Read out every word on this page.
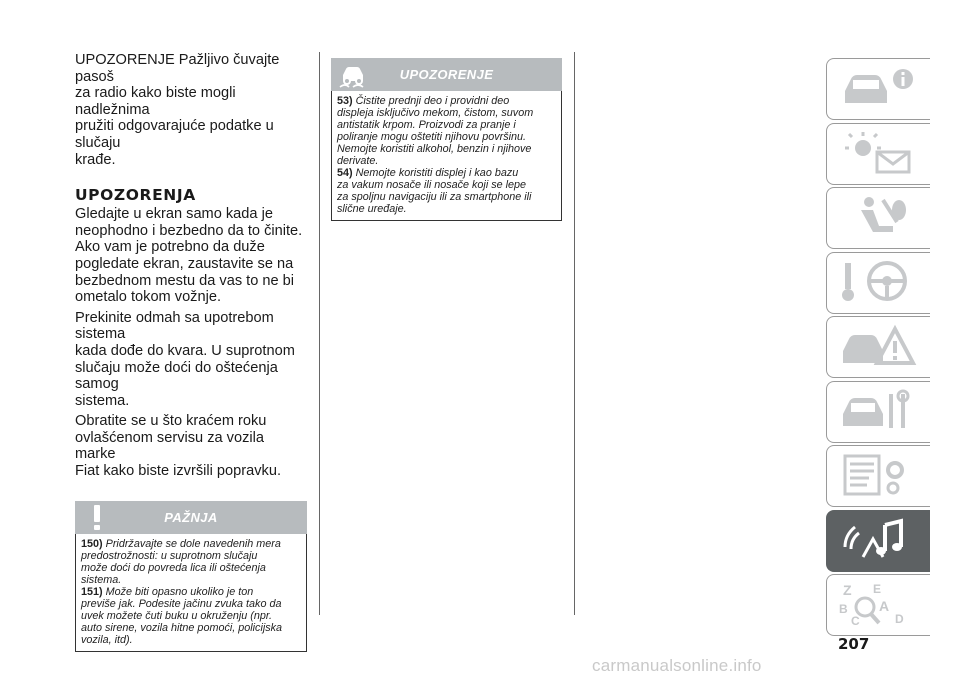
UPOZORENJE Pažljivo čuvajte pasoš
za radio kako biste mogli nadležnima
pružiti odgovarajuće podatke u slučaju
krađe.

UPOZORENJA

Gledajte u ekran samo kada je
neophodno i bezbedno da to činite.
Ako vam je potrebno da duže
pogledate ekran, zaustavite se na
bezbednom mestu da vas to ne bi
ometalo tokom vožnje.

Prekinite odmah sa upotrebom sistema
kada dođe do kvara. U suprotnom
slučaju može doći do oštećenja samog
sistema.

Obratite se u što kraćem roku
ovlašćenom servisu za vozila marke
Fiat kako biste izvršili popravku.

PAŽNJA

150) Pridržavajte se dole navedenih mera
predostrožnosti: u suprotnom slučaju
može doći do povreda lica ili oštećenja
sistema.

151) Može biti opasno ukoliko je ton
previše jak. Podesite jačinu zvuka tako da
uvek možete čuti buku u okruženju (npr.
auto sirene, vozila hitne pomoći, policijska
vozila, itd).

UPOZORENJE

53) Čistite prednji deo i providni deo
displeja isključivo mekom, čistom, suvom
antistatik krpom. Proizvodi za pranje i
poliranje mogu oštetiti njihovu površinu.
Nemojte koristiti alkohol, benzin i njihove
derivate.

54) Nemojte koristiti displej i kao bazu
za vakum nosače ili nosače koji se lepe
za spoljnu navigaciju ili za smartphone ili
slične uređaje.

Z E
B A
C	D
207
carmanualsonline.info
